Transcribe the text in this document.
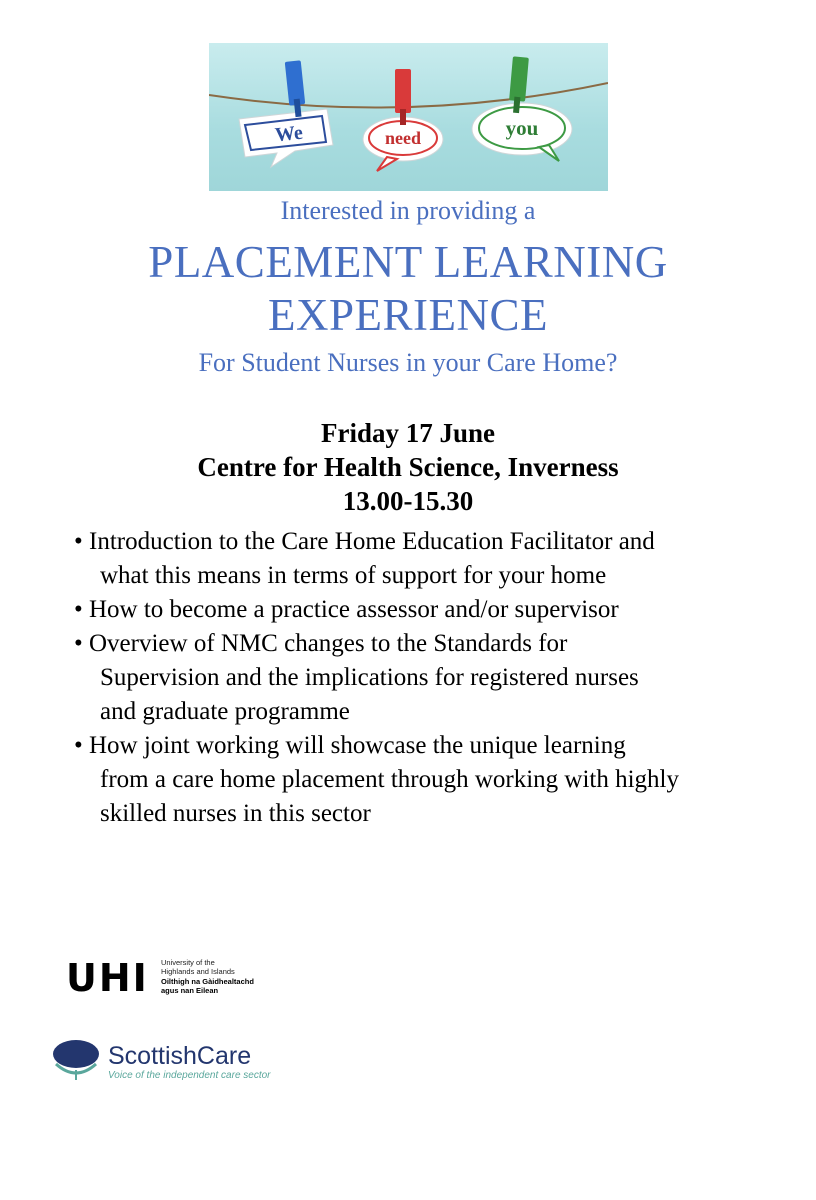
We	need	you
Interested in providing a
PLACEMENT LEARNING
EXPERIENCE
For Student Nurses in your Care Home?
Friday 17 June
Centre for Health Science, Inverness
13.00-15.30
• Introduction to the Care Home Education Facilitator and
what this means in terms of support for your home
• How to become a practice assessor and/or supervisor
• Overview of NMC changes to the Standards for
Supervision and the implications for registered nurses
and graduate programme
• How joint working will showcase the unique learning
from a care home placement through working with highly
skilled nurses in this sector
UHI University of the
Highlands and Islands
Oilthigh na Gàidhealtachd
agus nan Eilean
ScottishCare
Voice of the independent care sector
